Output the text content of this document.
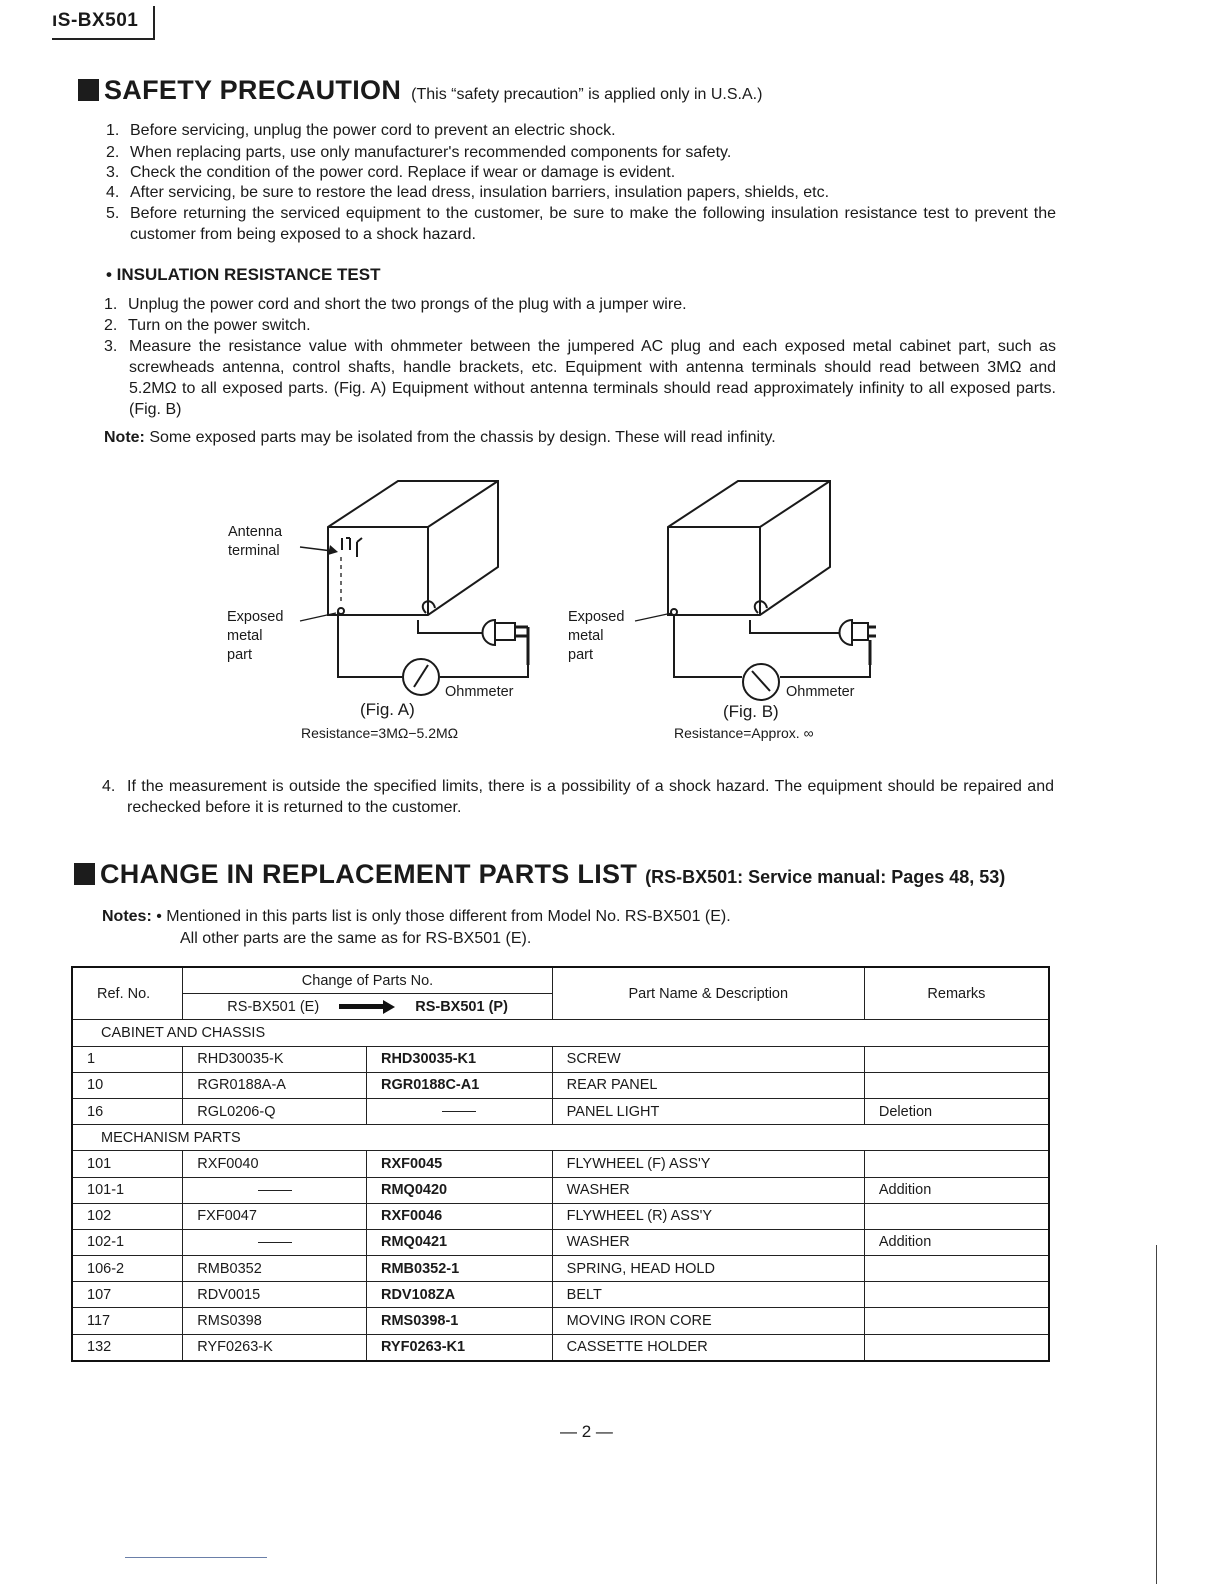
ıS-BX501
SAFETY PRECAUTION (This “safety precaution” is applied only in U.S.A.)
1. Before servicing, unplug the power cord to prevent an electric shock.
2. When replacing parts, use only manufacturer's recommended components for safety.
3. Check the condition of the power cord. Replace if wear or damage is evident.
4. After servicing, be sure to restore the lead dress, insulation barriers, insulation papers, shields, etc.
5. Before returning the serviced equipment to the customer, be sure to make the following insulation resistance test to prevent the customer from being exposed to a shock hazard.
• INSULATION RESISTANCE TEST
1. Unplug the power cord and short the two prongs of the plug with a jumper wire.
2. Turn on the power switch.
3. Measure the resistance value with ohmmeter between the jumpered AC plug and each exposed metal cabinet part, such as screwheads antenna, control shafts, handle brackets, etc. Equipment with antenna terminals should read between 3MΩ and 5.2MΩ to all exposed parts. (Fig. A) Equipment without antenna terminals should read approximately infinity to all exposed parts. (Fig. B)
Note: Some exposed parts may be isolated from the chassis by design. These will read infinity.
Antenna
terminal
Exposed
metal
part
Ohmmeter
(Fig. A)
Resistance=3MΩ−5.2MΩ
Exposed
metal
part
Ohmmeter
(Fig. B)
Resistance=Approx. ∞
4. If the measurement is outside the specified limits, there is a possibility of a shock hazard. The equipment should be repaired and rechecked before it is returned to the customer.
CHANGE IN REPLACEMENT PARTS LIST (RS-BX501: Service manual: Pages 48, 53)
Notes: • Mentioned in this parts list is only those different from Model No. RS-BX501 (E).
All other parts are the same as for RS-BX501 (E).
Ref. No.	Change of Parts No.		Part Name & Description	Remarks
	RS-BX501 (E) RS-BX501 (P)			
CABINET AND CHASSIS				
1	RHD30035-K	RHD30035-K1	SCREW	
10	RGR0188A-A	RGR0188C-A1	REAR PANEL	
16	RGL0206-Q		PANEL LIGHT	Deletion
MECHANISM PARTS				
101	RXF0040	RXF0045	FLYWHEEL (F) ASS'Y	
101-1		RMQ0420	WASHER	Addition
102	FXF0047	RXF0046	FLYWHEEL (R) ASS'Y	
102-1		RMQ0421	WASHER	Addition
106-2	RMB0352	RMB0352-1	SPRING, HEAD HOLD	
107	RDV0015	RDV108ZA	BELT	
117	RMS0398	RMS0398-1	MOVING IRON CORE	
132	RYF0263-K	RYF0263-K1	CASSETTE HOLDER	
— 2 —
